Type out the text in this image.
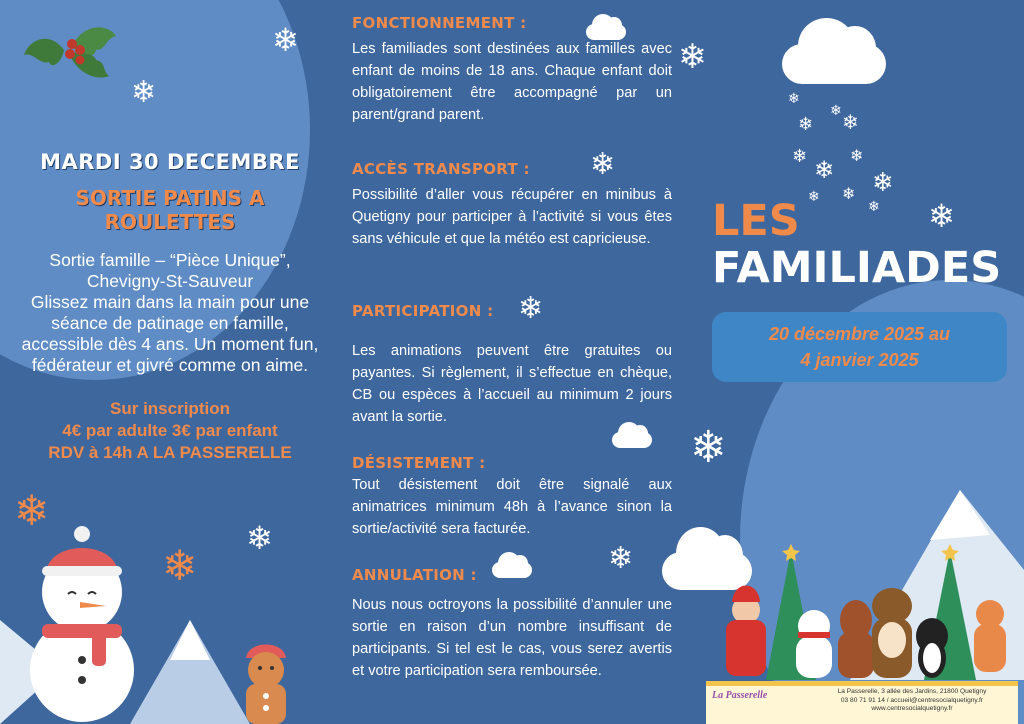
❄
❄
❄
❄
❄
❄
❄
❄
❄
❄
❄
❄
❄
❄ ❄
❄ ❄
❄
❄
❄
❄
❄
MARDI 30 DECEMBRE
SORTIE PATINS A ROULETTES

Sortie famille – “Pièce Unique”,

Chevigny-St-Sauveur

Glissez main dans la main pour une séance de patinage en famille, accessible dès 4 ans. Un moment fun, fédérateur et givré comme on aime.

Sur inscription

4€ par adulte 3€ par enfant

RDV à 14h A LA PASSERELLE

FONCTIONNEMENT :

Les familiades sont destinées aux familles avec enfant de moins de 18 ans. Chaque enfant doit obligatoirement être accompagné par un parent/grand parent.

ACCÈS TRANSPORT :

Possibilité d’aller vous récupérer en minibus à Quetigny pour participer à l’activité si vous êtes sans véhicule et que la météo est capricieuse.

PARTICIPATION :

Les animations peuvent être gratuites ou payantes. Si règlement, il s’effectue en chèque, CB ou espèces à l’accueil au minimum 2 jours avant la sortie.

DÉSISTEMENT :

Tout désistement doit être signalé aux animatrices minimum 48h à l’avance sinon la sortie/activité sera facturée.

ANNULATION :

Nous nous octroyons la possibilité d’annuler une sortie en raison d’un nombre insuffisant de participants. Si tel est le cas, vous serez avertis et votre participation sera remboursée.

LES
FAMILIADES
20 décembre 2025 au
4 janvier 2025
La Passerelle	La Passerelle, 3 allée des Jardins, 21800 Quetigny
03 80 71 91 14 / accueil@centresocialquetigny.fr
www.centresocialquetigny.fr
